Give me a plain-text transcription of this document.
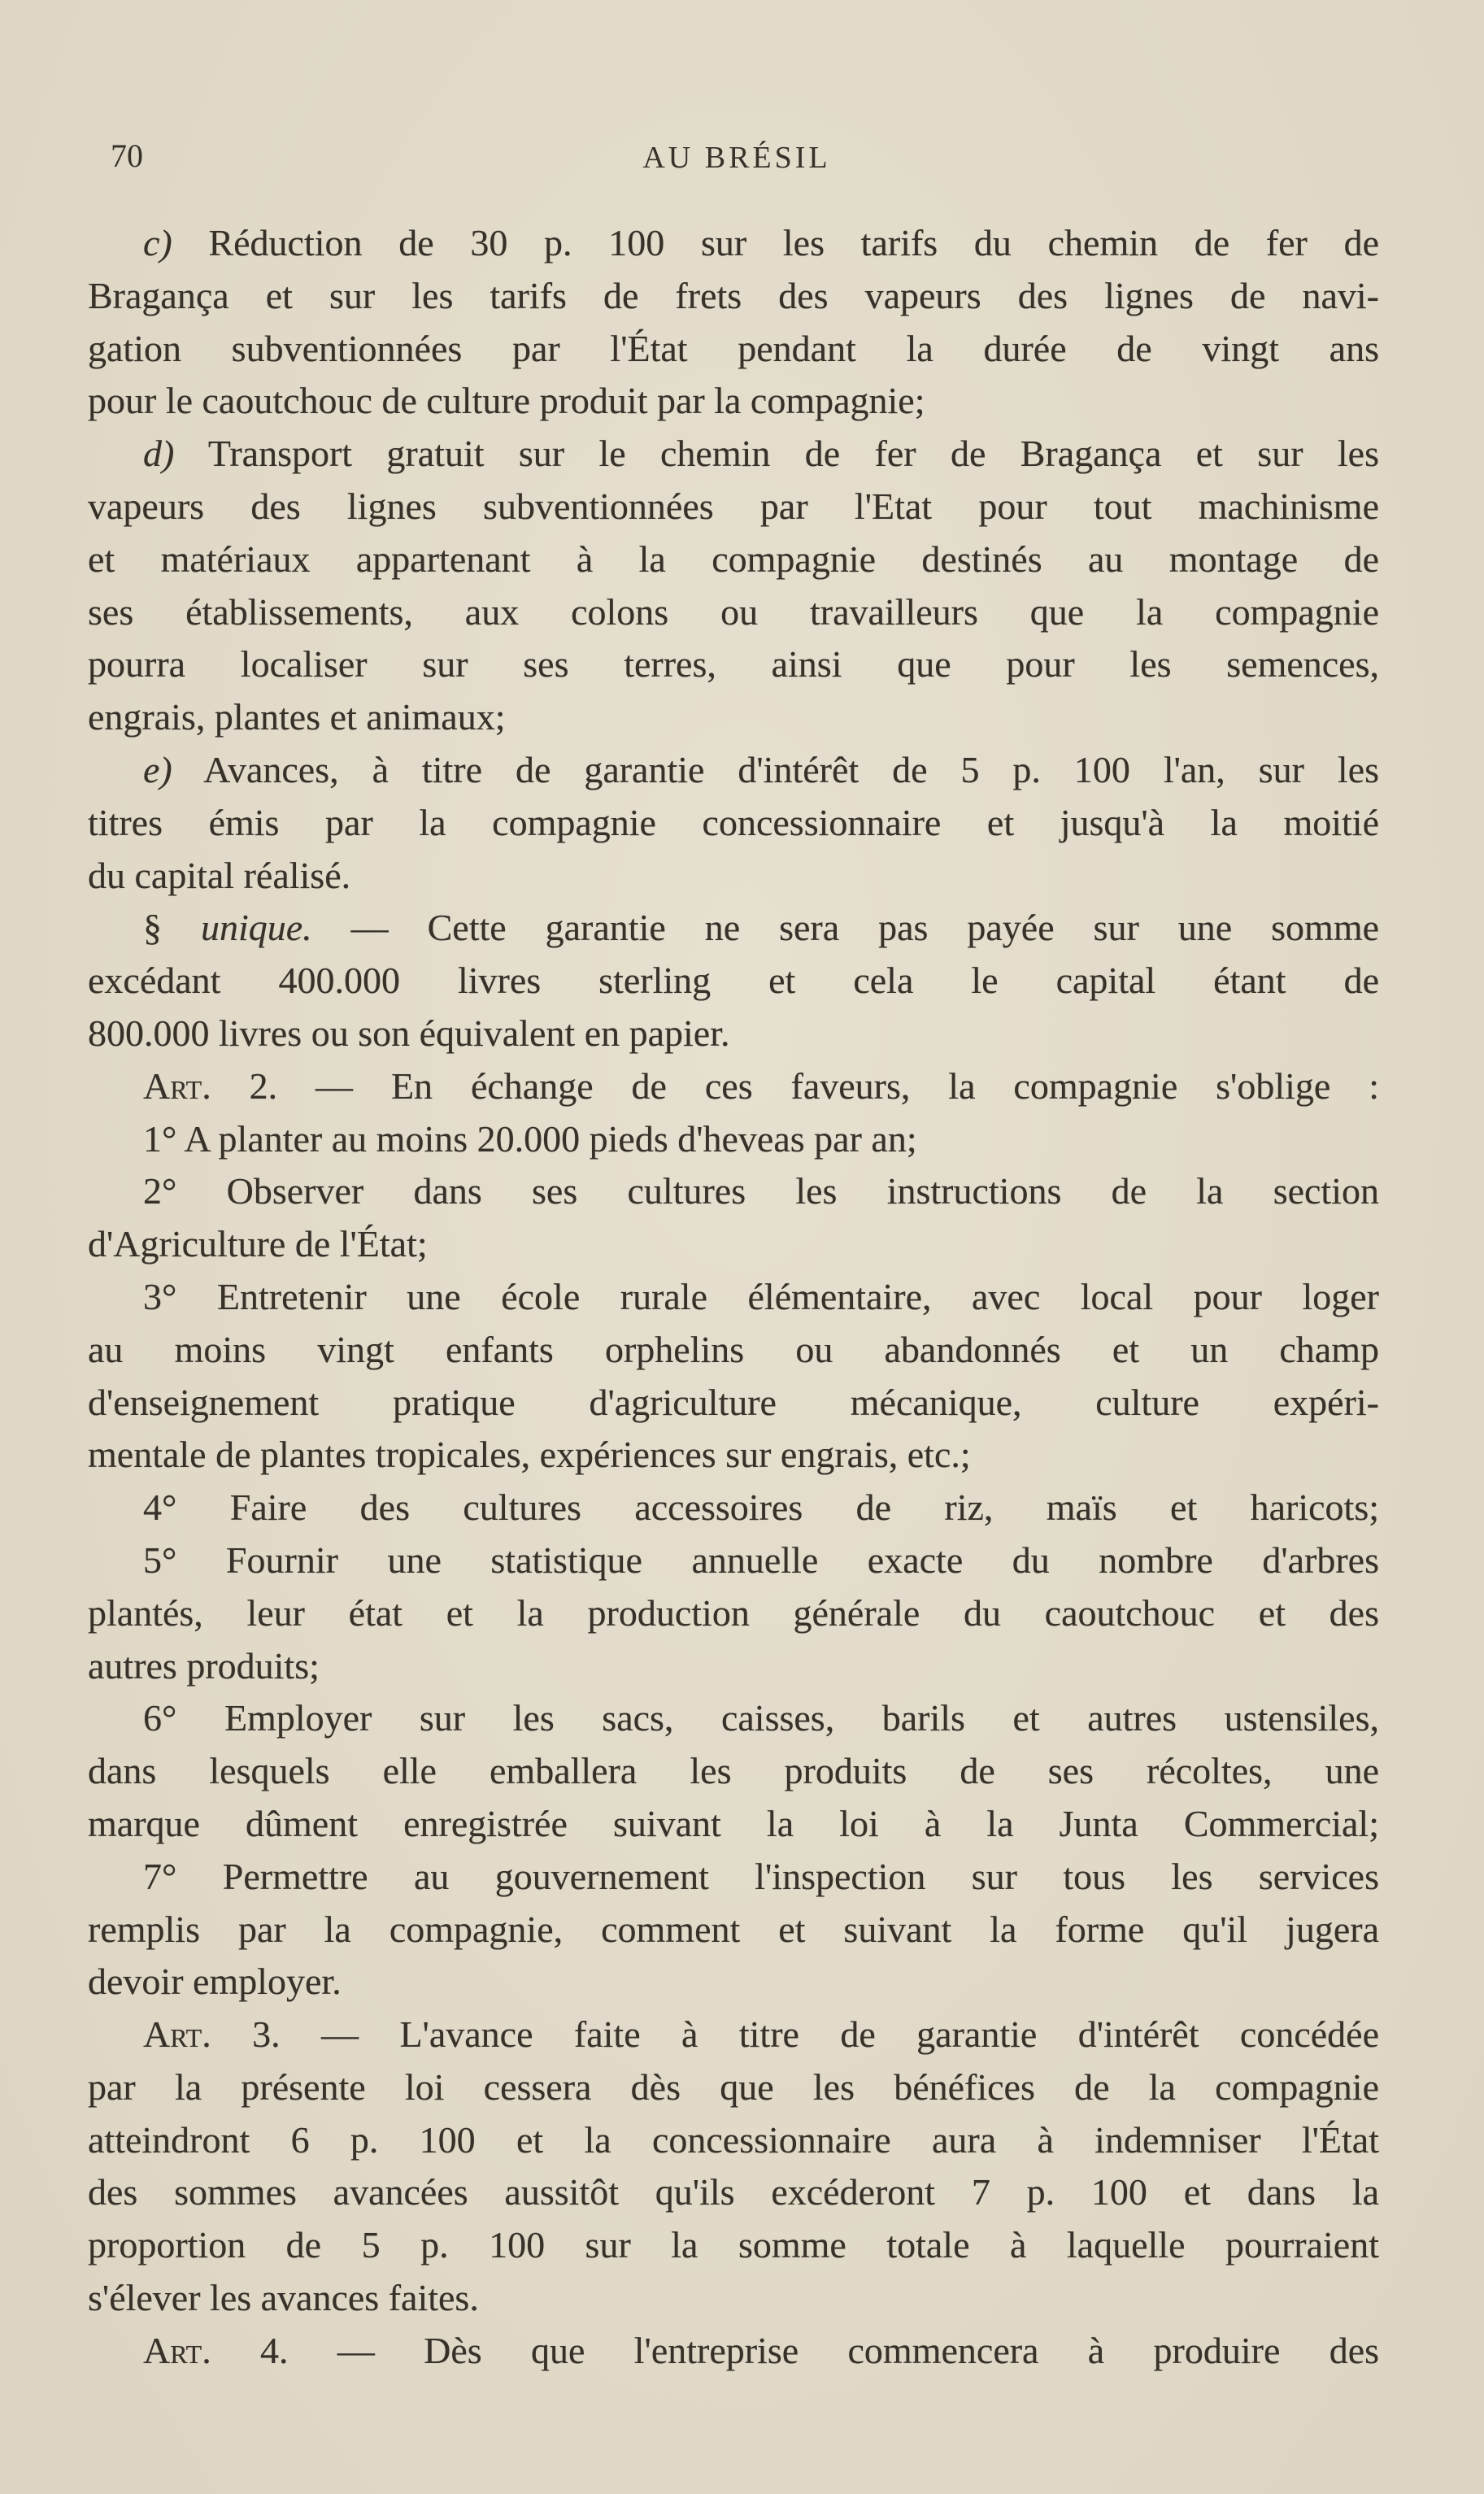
70	AU BRÉSIL
c) Réduction de 30 p. 100 sur les tarifs du chemin de fer de
Bragança et sur les tarifs de frets des vapeurs des lignes de navi-
gation subventionnées par l'État pendant la durée de vingt ans
pour le caoutchouc de culture produit par la compagnie;
d) Transport gratuit sur le chemin de fer de Bragança et sur les
vapeurs des lignes subventionnées par l'Etat pour tout machinisme
et matériaux appartenant à la compagnie destinés au montage de
ses établissements, aux colons ou travailleurs que la compagnie
pourra localiser sur ses terres, ainsi que pour les semences,
engrais, plantes et animaux;
e) Avances, à titre de garantie d'intérêt de 5 p. 100 l'an, sur les
titres émis par la compagnie concessionnaire et jusqu'à la moitié
du capital réalisé.
§ unique. — Cette garantie ne sera pas payée sur une somme
excédant 400.000 livres sterling et cela le capital étant de
800.000 livres ou son équivalent en papier.
Art. 2. — En échange de ces faveurs, la compagnie s'oblige :
1° A planter au moins 20.000 pieds d'heveas par an;
2° Observer dans ses cultures les instructions de la section
d'Agriculture de l'État;
3° Entretenir une école rurale élémentaire, avec local pour loger
au moins vingt enfants orphelins ou abandonnés et un champ
d'enseignement pratique d'agriculture mécanique, culture expéri-
mentale de plantes tropicales, expériences sur engrais, etc.;
4° Faire des cultures accessoires de riz, maïs et haricots;
5° Fournir une statistique annuelle exacte du nombre d'arbres
plantés, leur état et la production générale du caoutchouc et des
autres produits;
6° Employer sur les sacs, caisses, barils et autres ustensiles,
dans lesquels elle emballera les produits de ses récoltes, une
marque dûment enregistrée suivant la loi à la Junta Commercial;
7° Permettre au gouvernement l'inspection sur tous les services
remplis par la compagnie, comment et suivant la forme qu'il jugera
devoir employer.
Art. 3. — L'avance faite à titre de garantie d'intérêt concédée
par la présente loi cessera dès que les bénéfices de la compagnie
atteindront 6 p. 100 et la concessionnaire aura à indemniser l'État
des sommes avancées aussitôt qu'ils excéderont 7 p. 100 et dans la
proportion de 5 p. 100 sur la somme totale à laquelle pourraient
s'élever les avances faites.
Art. 4. — Dès que l'entreprise commencera à produire des
